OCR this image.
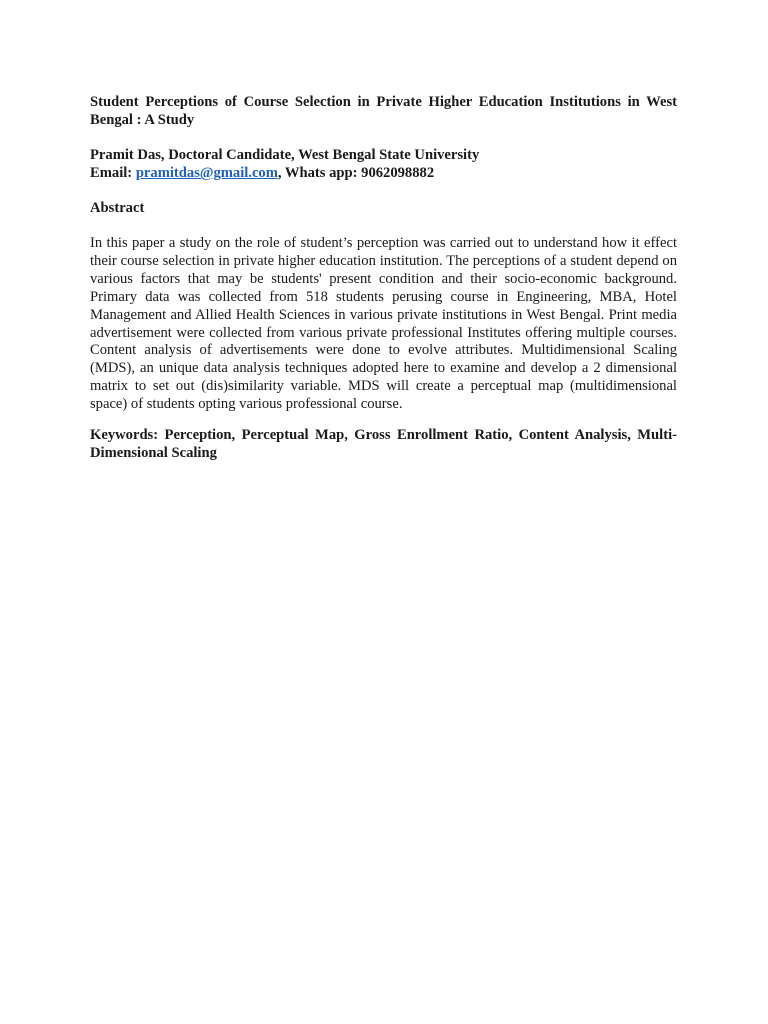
Student Perceptions of Course Selection in Private Higher Education Institutions in West Bengal : A Study

Pramit Das, Doctoral Candidate, West Bengal State University
Email: pramitdas@gmail.com, Whats app: 9062098882
Abstract
In this paper a study on the role of student’s perception was carried out to understand how it effect their course selection in private higher education institution. The perceptions of a student depend on various factors that may be students' present condition and their socio-economic background. Primary data was collected from 518 students perusing course in Engineering, MBA, Hotel Management and Allied Health Sciences in various private institutions in West Bengal. Print media advertisement were collected from various private professional Institutes offering multiple courses. Content analysis of advertisements were done to evolve attributes. Multidimensional Scaling (MDS), an unique data analysis techniques adopted here to examine and develop a 2 dimensional matrix to set out (dis)similarity variable. MDS will create a perceptual map (multidimensional space) of students opting various professional course.
Keywords: Perception, Perceptual Map, Gross Enrollment Ratio, Content Analysis, Multi-Dimensional Scaling
